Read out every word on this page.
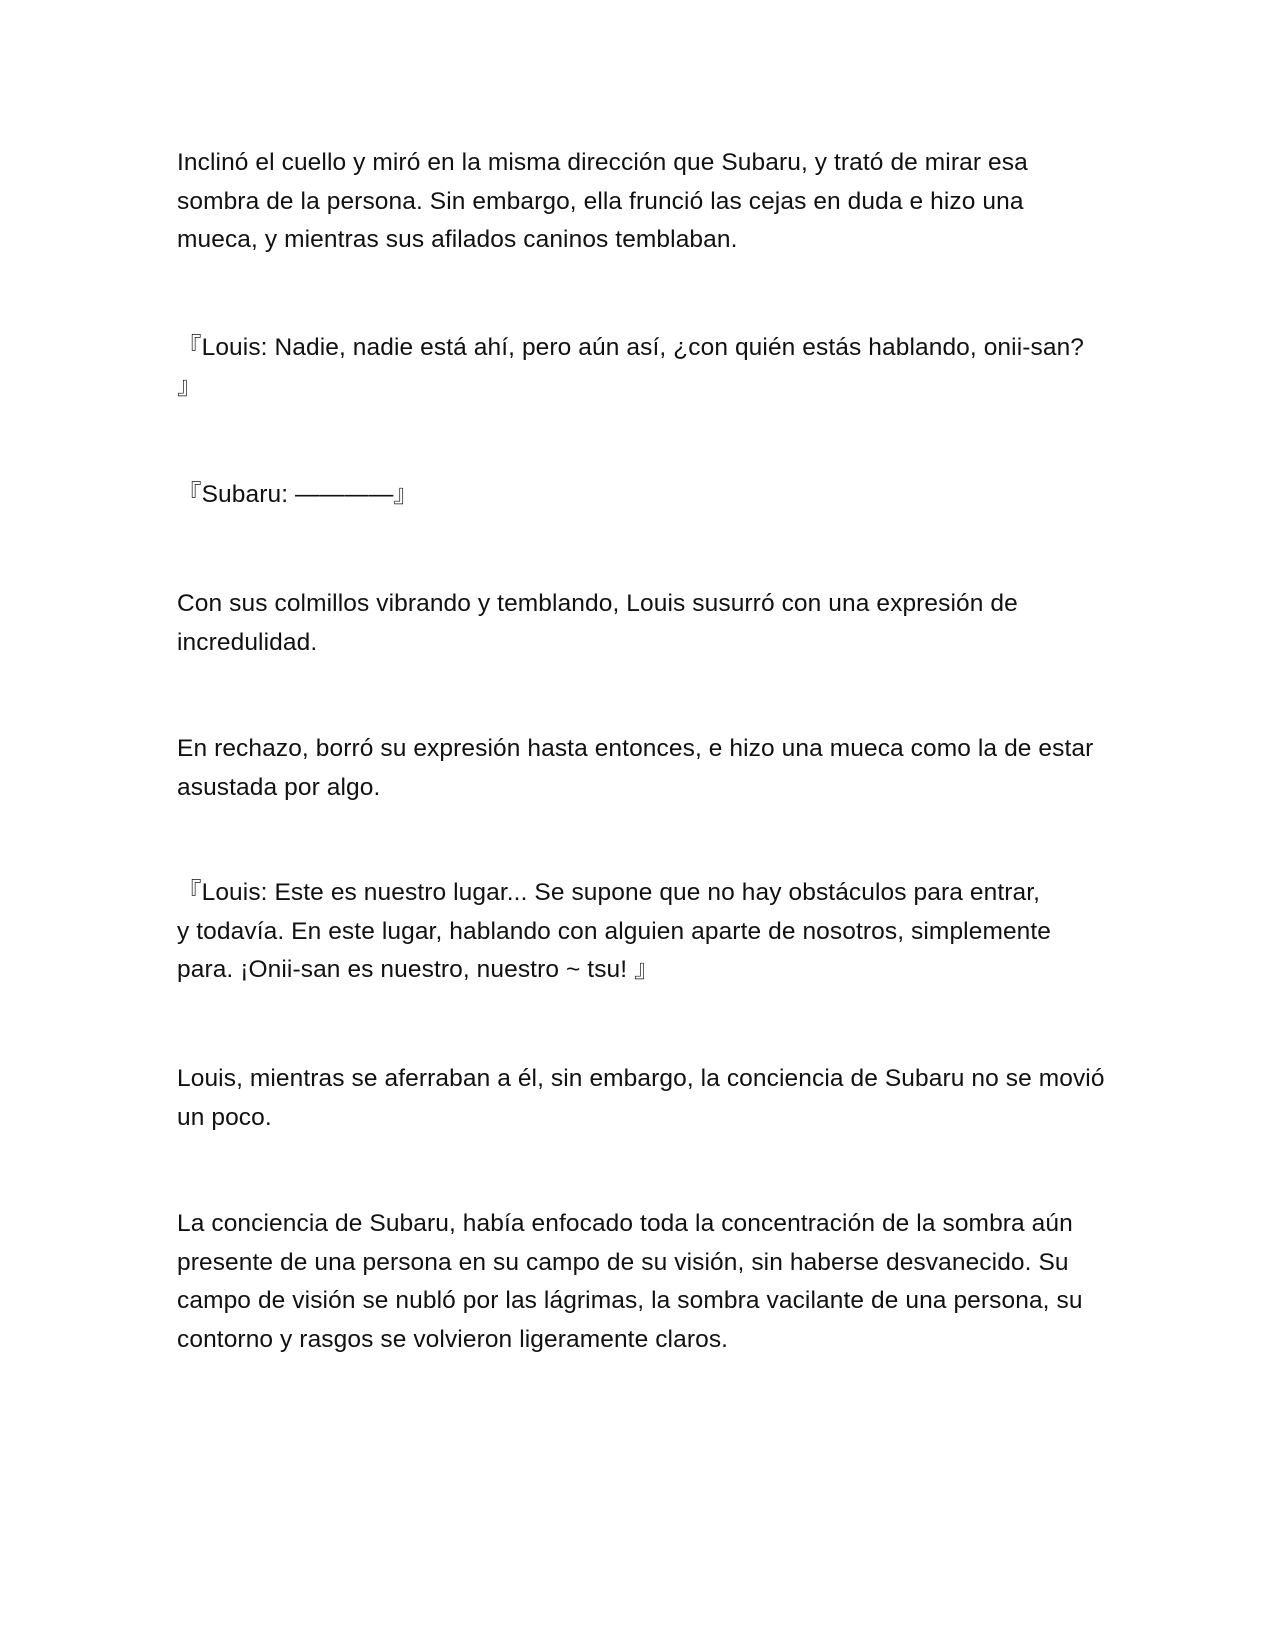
Inclinó el cuello y miró en la misma dirección que Subaru, y trató de mirar esa sombra de la persona. Sin embargo, ella frunció las cejas en duda e hizo una mueca, y mientras sus afilados caninos temblaban.

『Louis: Nadie, nadie está ahí, pero aún así, ¿con quién estás hablando, onii-san? 』

『Subaru: ————』

Con sus colmillos vibrando y temblando, Louis susurró con una expresión de incredulidad.

En rechazo, borró su expresión hasta entonces, e hizo una mueca como la de estar asustada por algo.

『Louis: Este es nuestro lugar... Se supone que no hay obstáculos para entrar, y todavía. En este lugar, hablando con alguien aparte de nosotros, simplemente para. ¡Onii-san es nuestro, nuestro ~ tsu! 』

Louis, mientras se aferraban a él, sin embargo, la conciencia de Subaru no se movió un poco.

La conciencia de Subaru, había enfocado toda la concentración de la sombra aún presente de una persona en su campo de su visión, sin haberse desvanecido. Su campo de visión se nubló por las lágrimas, la sombra vacilante de una persona, su contorno y rasgos se volvieron ligeramente claros.
